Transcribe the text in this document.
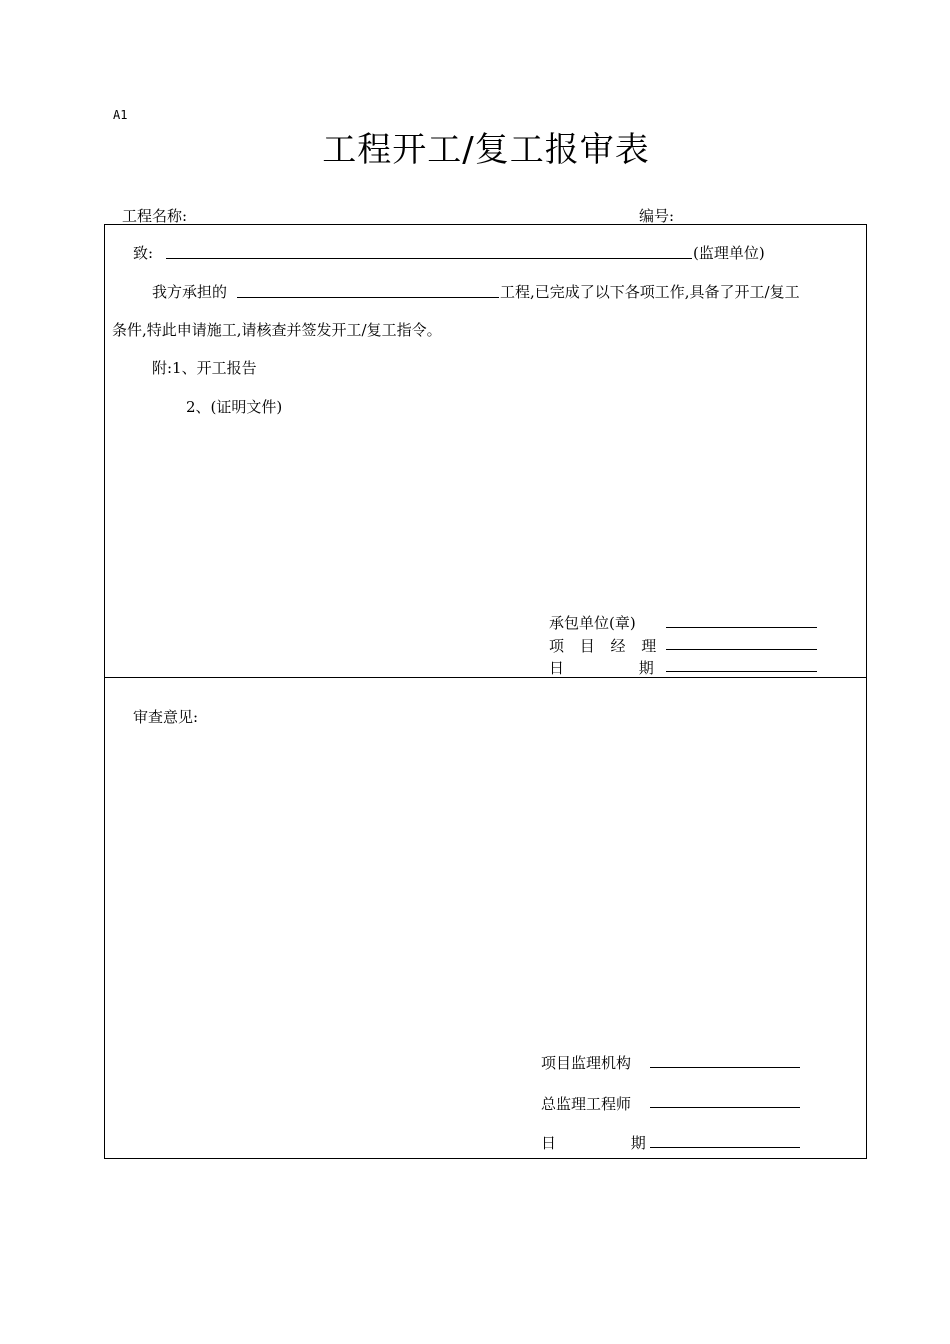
A1
工程开工/复工报审表
工程名称:	编号:
致:	(监理单位)
我方承担的	工程,已完成了以下各项工作,具备了开工/复工
条件,特此申请施工,请核查并签发开工/复工指令。
附:1、开工报告
2、(证明文件)
承包单位(章)
项 目 经 理
日 期
审查意见:
项目监理机构
总监理工程师
日 期
